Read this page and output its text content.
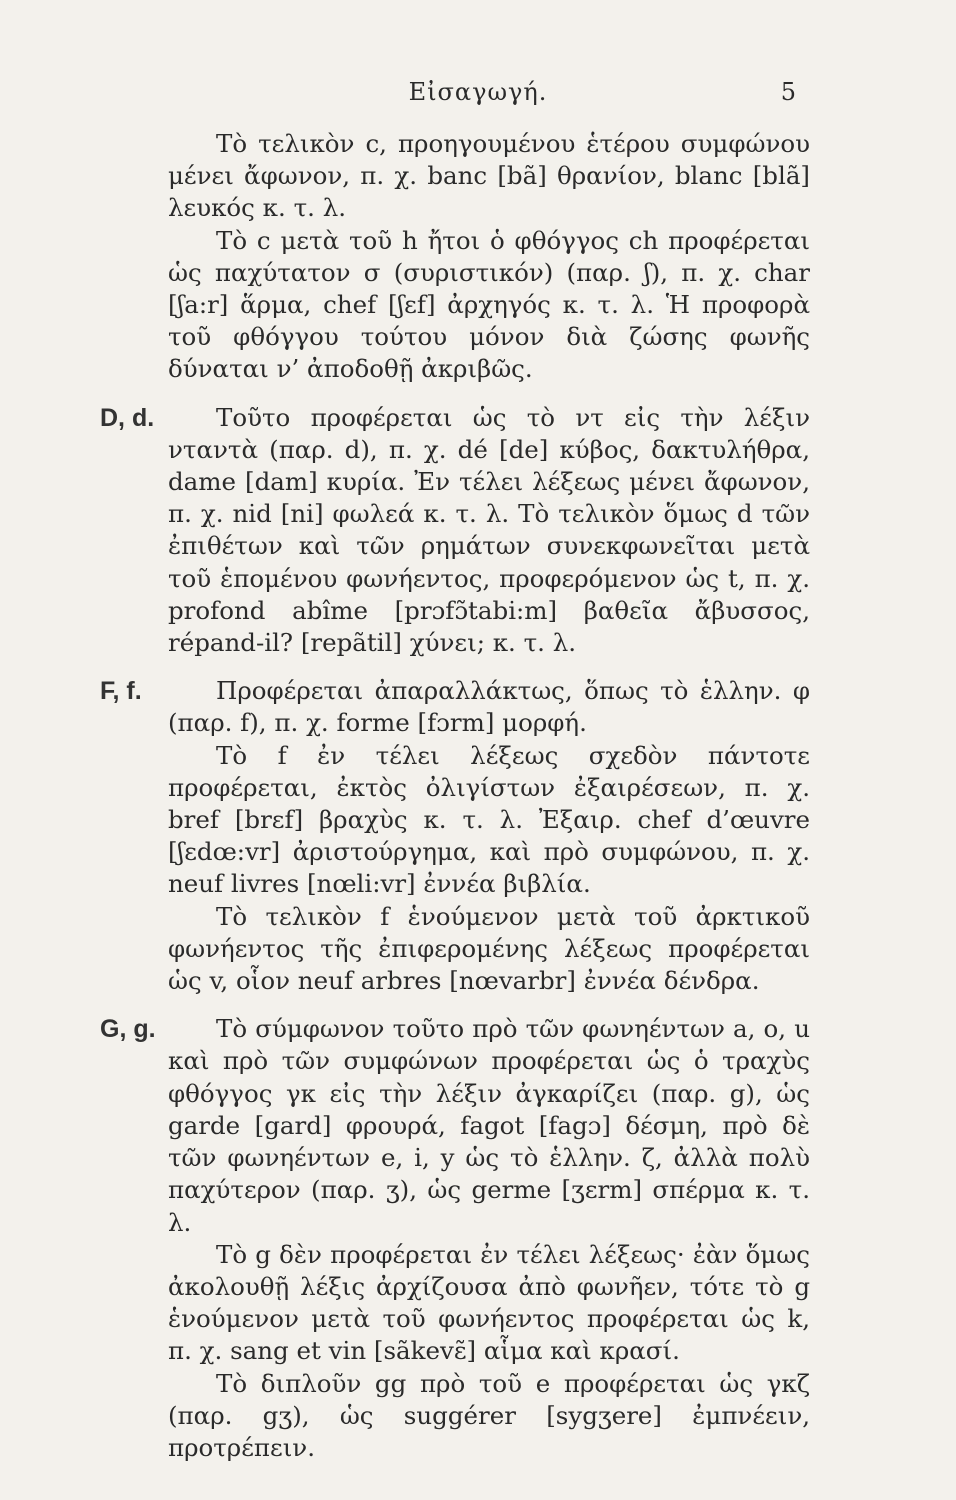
Εἰσαγωγή.	5

Τὸ τελικὸν c, προηγουμένου ἑτέρου συμφώνου μένει ἄφωνον, π. χ. banc [bã] θρανίον, blanc [blã] λευκός κ. τ. λ.

Τὸ c μετὰ τοῦ h ἤτοι ὁ φθόγγος ch προφέρεται ὡς παχύτατον σ (συριστικόν) (παρ. ʃ), π. χ. char [ʃa:r] ἅρμα, chef [ʃɛf] ἀρχηγός κ. τ. λ. Ἡ προφορὰ τοῦ φθόγγου τούτου μόνον διὰ ζώσης φωνῆς δύναται ν’ ἀποδοθῇ ἀκριβῶς.

D, d.	Τοῦτο προφέρεται ὡς τὸ ντ εἰς τὴν λέξιν νταντὰ (παρ. d), π. χ. dé [de] κύβος, δακτυλήθρα, dame [dam] κυρία. Ἐν τέλει λέξεως μένει ἄφωνον, π. χ. nid [ni] φωλεά κ. τ. λ. Τὸ τελικὸν ὅμως d τῶν ἐπιθέτων καὶ τῶν ρημάτων συνεκφωνεῖται μετὰ τοῦ ἑπομένου φωνήεντος, προφερόμενον ὡς t, π. χ. profond abîme [prɔfɔ̃tabi:m] βαθεῖα ἄβυσσος, répand-il? [repãtil] χύνει; κ. τ. λ.

F, f.	Προφέρεται ἀπαραλλάκτως, ὅπως τὸ ἑλλην. φ (παρ. f), π. χ. forme [fɔrm] μορφή.

Τὸ f ἐν τέλει λέξεως σχεδὸν πάντοτε προφέρεται, ἐκτὸς ὀλιγίστων ἐξαιρέσεων, π. χ. bref [brɛf] βραχὺς κ. τ. λ. Ἐξαιρ. chef d’œuvre [ʃɛdœ:vr] ἀριστούργημα, καὶ πρὸ συμφώνου, π. χ. neuf livres [nœli:vr] ἐννέα βιβλία.

Τὸ τελικὸν f ἑνούμενον μετὰ τοῦ ἀρκτικοῦ φωνήεντος τῆς ἐπιφερομένης λέξεως προφέρεται ὡς v, οἷον neuf arbres [nœvarbr] ἐννέα δένδρα.

G, g.	Τὸ σύμφωνον τοῦτο πρὸ τῶν φωνηέντων a, o, u καὶ πρὸ τῶν συμφώνων προφέρεται ὡς ὁ τραχὺς φθόγγος γκ εἰς τὴν λέξιν ἀγκαρίζει (παρ. g), ὡς garde [gard] φρουρά, fagot [fagɔ] δέσμη, πρὸ δὲ τῶν φωνηέντων e, i, y ὡς τὸ ἑλλην. ζ, ἀλλὰ πολὺ παχύτερον (παρ. ʒ), ὡς germe [ʒɛrm] σπέρμα κ. τ. λ.

Τὸ g δὲν προφέρεται ἐν τέλει λέξεως· ἐὰν ὅμως ἀκολουθῇ λέξις ἀρχίζουσα ἀπὸ φωνῆεν, τότε τὸ g ἑνούμενον μετὰ τοῦ φωνήεντος προφέρεται ὡς k, π. χ. sang et vin [sãkevɛ̃] αἷμα καὶ κρασί.

Τὸ διπλοῦν gg πρὸ τοῦ e προφέρεται ὡς γκζ (παρ. gʒ), ὡς suggérer [sygʒere] ἐμπνέειν, προτρέπειν.
